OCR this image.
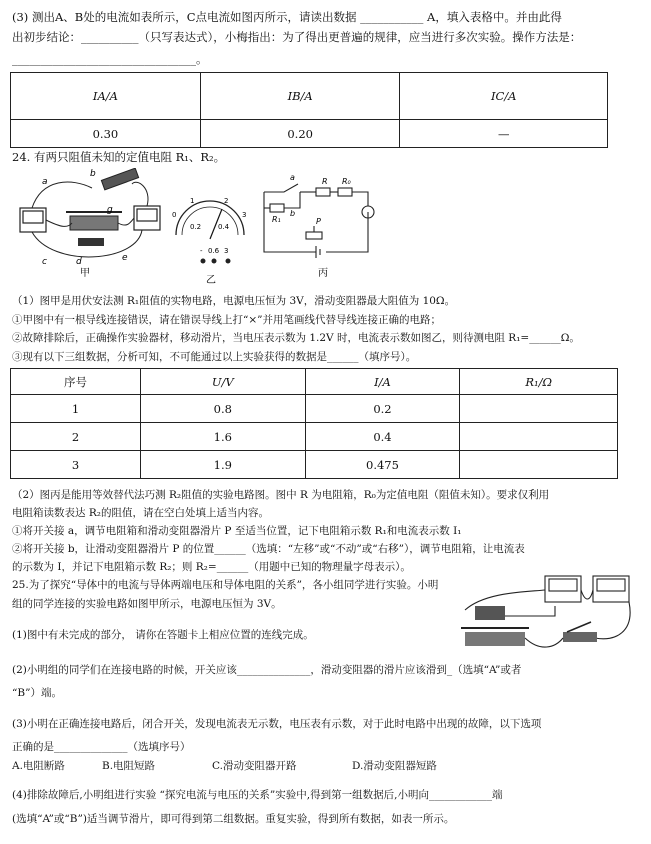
(3) 测出A、B处的电流如表所示，C点电流如图丙所示，请读出数据 ___________ A，填入表格中。并由此得
出初步结论：__________（只写表达式），小梅指出：为了得出更普遍的规律，应当进行多次实验。操作方法是：
________________________________。
IA/A	IB/A	IC/A
0.30	0.20	—
24. 有两只阻值未知的定值电阻 R₁、R₂。
a
b
g
c	d	e
甲
0
1	2
3
0.2 0.4
- 0.6 3
乙
a
b
R R₀
R₁	P
丙
（1）图甲是用伏安法测 R₁阻值的实物电路，电源电压恒为 3V，滑动变阻器最大阻值为 10Ω。
①甲图中有一根导线连接错误，请在错误导线上打“×”并用笔画线代替导线连接正确的电路；
②故障排除后，正确操作实验器材，移动滑片，当电压表示数为 1.2V 时，电流表示数如图乙，则待测电阻 R₁=______Ω。
③现有以下三组数据，分析可知，不可能通过以上实验获得的数据是______（填序号）。
序号	U/V	I/A	R₁/Ω
1	0.8	0.2	
2	1.6	0.4	
3	1.9	0.475	
（2）图丙是能用等效替代法巧测 R₂阻值的实验电路图。图中 R 为电阻箱，R₀为定值电阻（阻值未知）。要求仅利用
电阻箱读数表达 R₂的阻值，请在空白处填上适当内容。
①将开关接 a，调节电阻箱和滑动变阻器滑片 P 至适当位置，记下电阻箱示数 R₁和电流表示数 I₁
②将开关接 b，让滑动变阻器滑片 P 的位置______（选填：“左移”或“不动”或“右移”），调节电阻箱，让电流表
的示数为 I，并记下电阻箱示数 R₂；则 R₂=______（用题中已知的物理量字母表示）。
25.为了探究“导体中的电流与导体两端电压和导体电阻的关系”，各小组同学进行实验。小明
组的同学连接的实验电路如图甲所示，电源电压恒为 3V。
(1)图中有未完成的部分， 请你在答题卡上相应位置的连线完成。
(2)小明组的同学们在连接电路的时候，开关应该______________，滑动变阻器的滑片应该滑到_（选填“A”或者
“B”）端。
(3)小明在正确连接电路后，闭合开关，发现电流表无示数，电压表有示数，对于此时电路中出现的故障，以下选项
正确的是______________（选填序号）
A.电阻断路	B.电阻短路	C.滑动变阻器开路	D.滑动变阻器短路
(4)排除故障后,小明组进行实验 “探究电流与电压的关系”实验中,得到第一组数据后,小明向____________端
(选填“A”或“B”)适当调节滑片，即可得到第二组数据。重复实验，得到所有数据，如表一所示。
